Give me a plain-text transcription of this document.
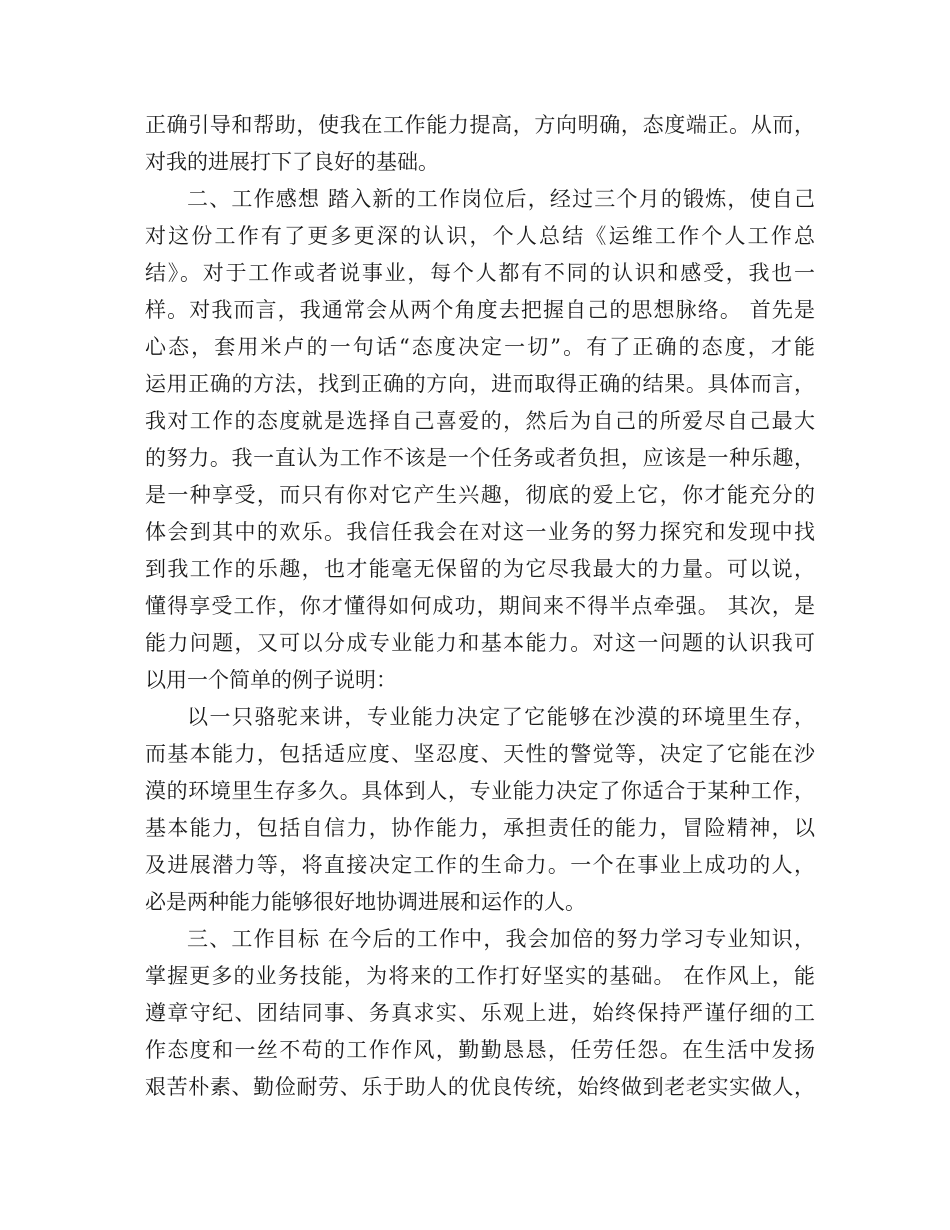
正确引导和帮助，使我在工作能力提高，方向明确，态度端正。从而，
对我的进展打下了良好的基础。
二、工作感想 踏入新的工作岗位后，经过三个月的锻炼，使自己
对这份工作有了更多更深的认识，个人总结《运维工作个人工作总
结》。对于工作或者说事业，每个人都有不同的认识和感受，我也一
样。对我而言，我通常会从两个角度去把握自己的思想脉络。 首先是
心态，套用米卢的一句话“态度决定一切”。有了正确的态度，才能
运用正确的方法，找到正确的方向，进而取得正确的结果。具体而言，
我对工作的态度就是选择自己喜爱的，然后为自己的所爱尽自己最大
的努力。我一直认为工作不该是一个任务或者负担，应该是一种乐趣，
是一种享受，而只有你对它产生兴趣，彻底的爱上它，你才能充分的
体会到其中的欢乐。我信任我会在对这一业务的努力探究和发现中找
到我工作的乐趣，也才能毫无保留的为它尽我最大的力量。可以说，
懂得享受工作，你才懂得如何成功，期间来不得半点牵强。 其次，是
能力问题，又可以分成专业能力和基本能力。对这一问题的认识我可
以用一个简单的例子说明：
以一只骆驼来讲，专业能力决定了它能够在沙漠的环境里生存，
而基本能力，包括适应度、坚忍度、天性的警觉等，决定了它能在沙
漠的环境里生存多久。具体到人，专业能力决定了你适合于某种工作，
基本能力，包括自信力，协作能力，承担责任的能力，冒险精神，以
及进展潜力等，将直接决定工作的生命力。一个在事业上成功的人，
必是两种能力能够很好地协调进展和运作的人。
三、工作目标 在今后的工作中，我会加倍的努力学习专业知识，
掌握更多的业务技能，为将来的工作打好坚实的基础。 在作风上，能
遵章守纪、团结同事、务真求实、乐观上进，始终保持严谨仔细的工
作态度和一丝不苟的工作作风，勤勤恳恳，任劳任怨。在生活中发扬
艰苦朴素、勤俭耐劳、乐于助人的优良传统，始终做到老老实实做人，
